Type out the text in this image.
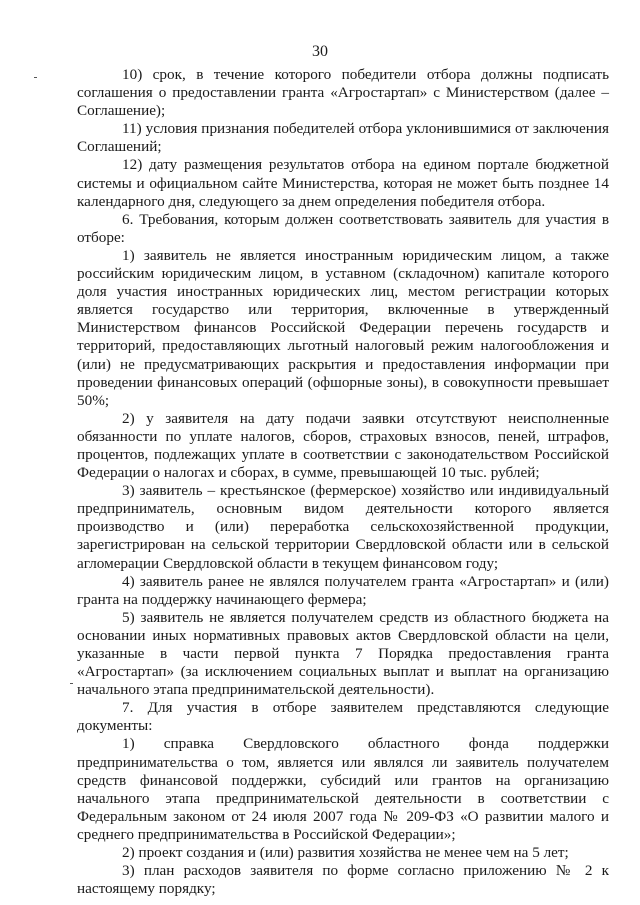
30

10) срок, в течение которого победители отбора должны подписать соглашения о предоставлении гранта «Агростартап» с Министерством (далее – Соглашение);

11) условия признания победителей отбора уклонившимися от заключения Соглашений;

12) дату размещения результатов отбора на едином портале бюджетной системы и официальном сайте Министерства, которая не может быть позднее 14 календарного дня, следующего за днем определения победителя отбора.

6. Требования, которым должен соответствовать заявитель для участия в отборе:

1) заявитель не является иностранным юридическим лицом, а также российским юридическим лицом, в уставном (складочном) капитале которого доля участия иностранных юридических лиц, местом регистрации которых является государство или территория, включенные в утвержденный Министерством финансов Российской Федерации перечень государств и территорий, предоставляющих льготный налоговый режим налогообложения и (или) не предусматривающих раскрытия и предоставления информации при проведении финансовых операций (офшорные зоны), в совокупности превышает 50%;

2) у заявителя на дату подачи заявки отсутствуют неисполненные обязанности по уплате налогов, сборов, страховых взносов, пеней, штрафов, процентов, подлежащих уплате в соответствии с законодательством Российской Федерации о налогах и сборах, в сумме, превышающей 10 тыс. рублей;

3) заявитель – крестьянское (фермерское) хозяйство или индивидуальный предприниматель, основным видом деятельности которого является производство и (или) переработка сельскохозяйственной продукции, зарегистрирован на сельской территории Свердловской области или в сельской агломерации Свердловской области в текущем финансовом году;

4) заявитель ранее не являлся получателем гранта «Агростартап» и (или) гранта на поддержку начинающего фермера;

5) заявитель не является получателем средств из областного бюджета на основании иных нормативных правовых актов Свердловской области на цели, указанные в части первой пункта 7 Порядка предоставления гранта «Агростартап» (за исключением социальных выплат и выплат на организацию начального этапа предпринимательской деятельности).

7. Для участия в отборе заявителем представляются следующие документы:

1) справка Свердловского областного фонда поддержки предпринимательства о том, является или являлся ли заявитель получателем средств финансовой поддержки, субсидий или грантов на организацию начального этапа предпринимательской деятельности в соответствии с Федеральным законом от 24 июля 2007 года № 209-ФЗ «О развитии малого и среднего предпринимательства в Российской Федерации»;

2) проект создания и (или) развития хозяйства не менее чем на 5 лет;

3) план расходов заявителя по форме согласно приложению № 2 к настоящему порядку;
